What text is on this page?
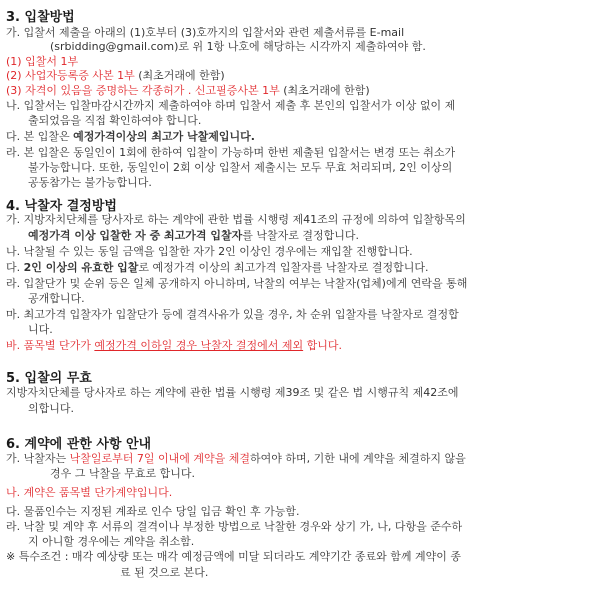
3. 입찰방법
가. 입찰서 제출을 아래의 (1)호부터 (3)호까지의 입찰서와 관련 제출서류를 E-mail
(srbidding@gmail.com)로 위 1항 나호에 해당하는 시각까지 제출하여야 함.
(1) 입찰서 1부
(2) 사업자등록증 사본 1부 (최초거래에 한함)
(3) 자격이 있음을 증명하는 각종허가 . 신고필증사본 1부 (최초거래에 한함)
나. 입찰서는 입찰마감시간까지 제출하여야 하며 입찰서 제출 후 본인의 입찰서가 이상 없이 제
출되었음을 직접 확인하여야 합니다.
다. 본 입찰은 예정가격이상의 최고가 낙찰제입니다.
라. 본 입찰은 동일인이 1회에 한하여 입찰이 가능하며 한번 제출된 입찰서는 변경 또는 취소가
불가능합니다. 또한, 동일인이 2회 이상 입찰서 제출시는 모두 무효 처리되며, 2인 이상의
공동참가는 불가능합니다.
4. 낙찰자 결정방법
가. 지방자치단체를 당사자로 하는 계약에 관한 법률 시행령 제41조의 규정에 의하여 입찰항목의
예정가격 이상 입찰한 자 중 최고가격 입찰자를 낙찰자로 결정합니다.
나. 낙찰될 수 있는 동일 금액을 입찰한 자가 2인 이상인 경우에는 재입찰 진행합니다.
다. 2인 이상의 유효한 입찰로 예정가격 이상의 최고가격 입찰자를 낙찰자로 결정합니다.
라. 입찰단가 및 순위 등은 일체 공개하지 아니하며, 낙찰의 여부는 낙찰자(업체)에게 연락을 통해
공개합니다.
마. 최고가격 입찰자가 입찰단가 등에 결격사유가 있을 경우, 차 순위 입찰자를 낙찰자로 결정합
니다.
바. 품목별 단가가 예정가격 이하일 경우 낙찰자 결정에서 제외 합니다.
5. 입찰의 무효
지방자치단체를 당사자로 하는 계약에 관한 법률 시행령 제39조 및 같은 법 시행규칙 제42조에
의합니다.
6. 계약에 관한 사항 안내
가. 낙찰자는 낙찰일로부터 7일 이내에 계약을 체결하여야 하며, 기한 내에 계약을 체결하지 않을
경우 그 낙찰을 무효로 합니다.
나. 계약은 품목별 단가계약입니다.
다. 물품인수는 지정된 계좌로 인수 당일 입금 확인 후 가능함.
라. 낙찰 및 계약 후 서류의 결격이나 부정한 방법으로 낙찰한 경우와 상기 가, 나, 다항을 준수하
지 아니할 경우에는 계약을 취소함.
※ 특수조건 : 매각 예상량 또는 매각 예정금액에 미달 되더라도 계약기간 종료와 함께 계약이 종
료 된 것으로 본다.
